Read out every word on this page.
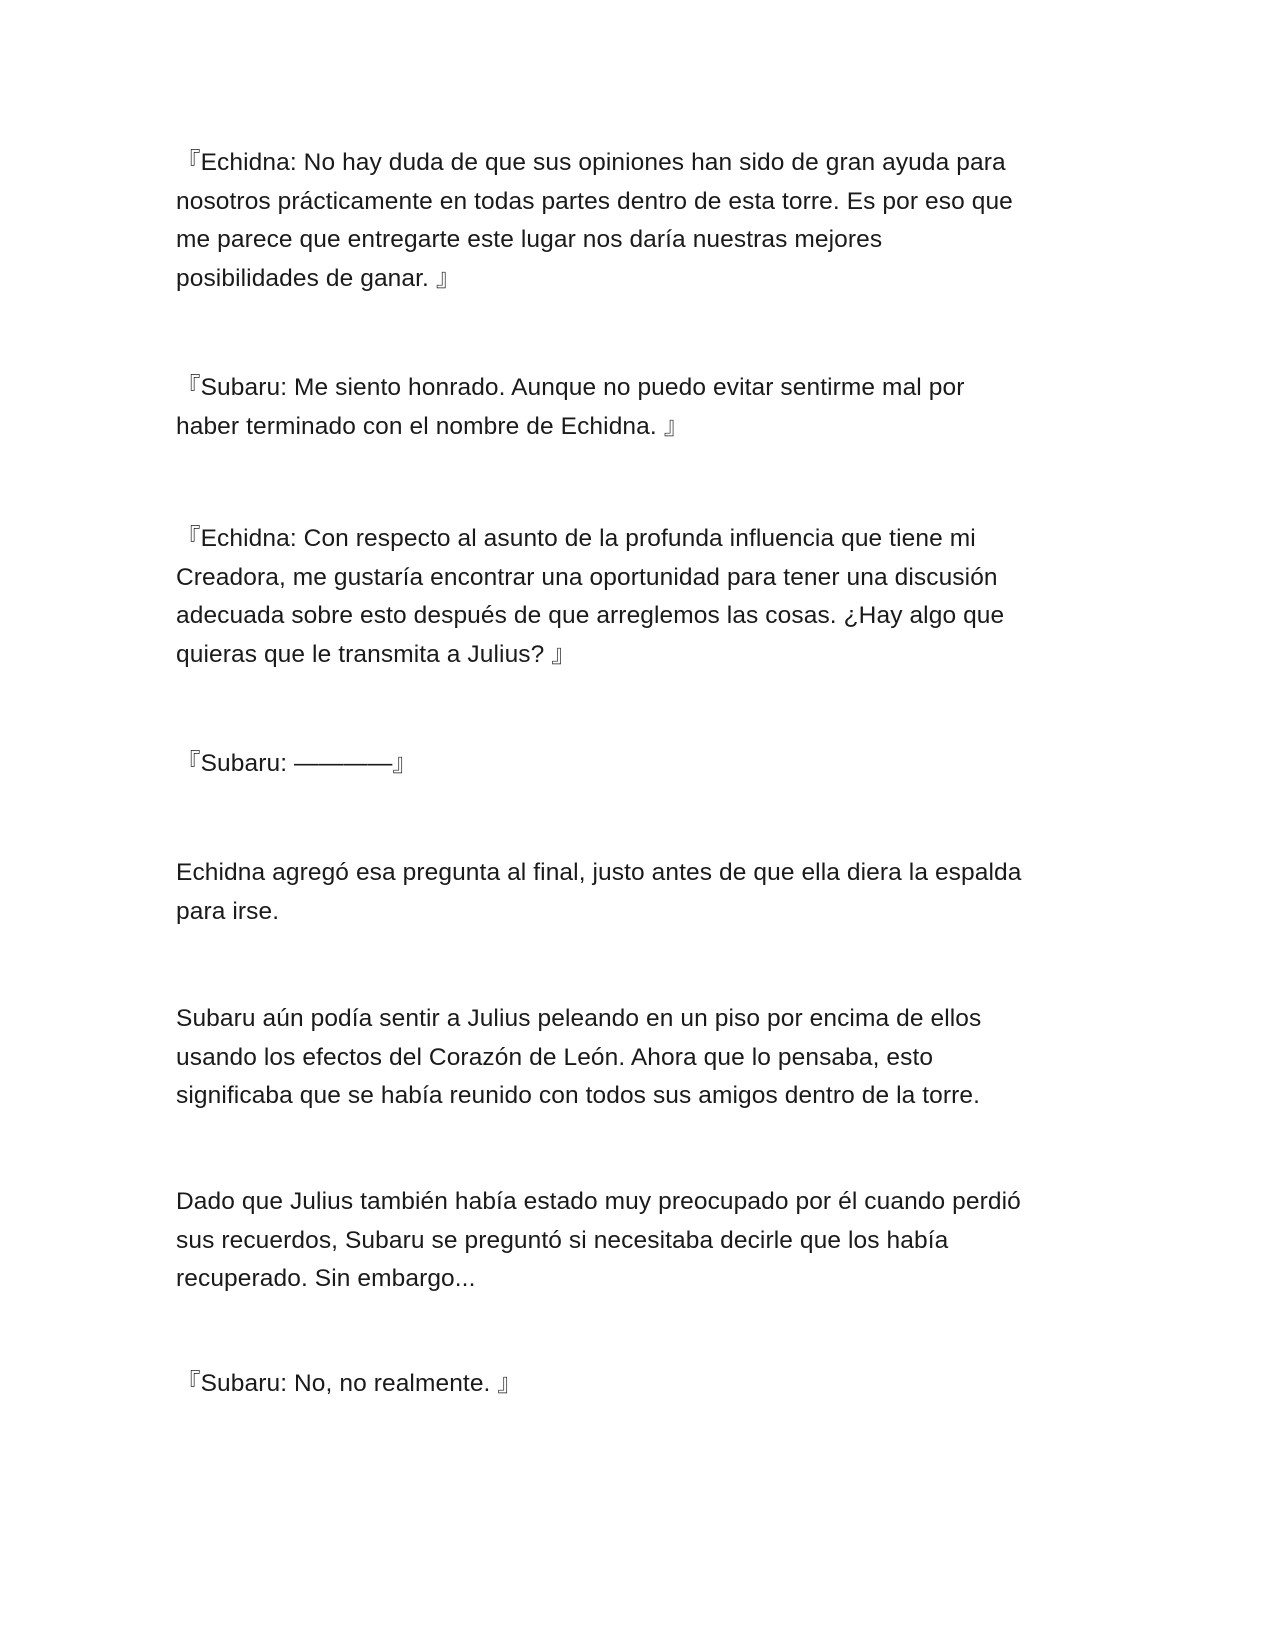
『Echidna: No hay duda de que sus opiniones han sido de gran ayuda para
nosotros prácticamente en todas partes dentro de esta torre. Es por eso que
me parece que entregarte este lugar nos daría nuestras mejores
posibilidades de ganar. 』

『Subaru: Me siento honrado. Aunque no puedo evitar sentirme mal por
haber terminado con el nombre de Echidna. 』

『Echidna: Con respecto al asunto de la profunda influencia que tiene mi
Creadora, me gustaría encontrar una oportunidad para tener una discusión
adecuada sobre esto después de que arreglemos las cosas. ¿Hay algo que
quieras que le transmita a Julius? 』

『Subaru: ————』

Echidna agregó esa pregunta al final, justo antes de que ella diera la espalda
para irse.

Subaru aún podía sentir a Julius peleando en un piso por encima de ellos
usando los efectos del Corazón de León. Ahora que lo pensaba, esto
significaba que se había reunido con todos sus amigos dentro de la torre.

Dado que Julius también había estado muy preocupado por él cuando perdió
sus recuerdos, Subaru se preguntó si necesitaba decirle que los había
recuperado. Sin embargo...

『Subaru: No, no realmente. 』
